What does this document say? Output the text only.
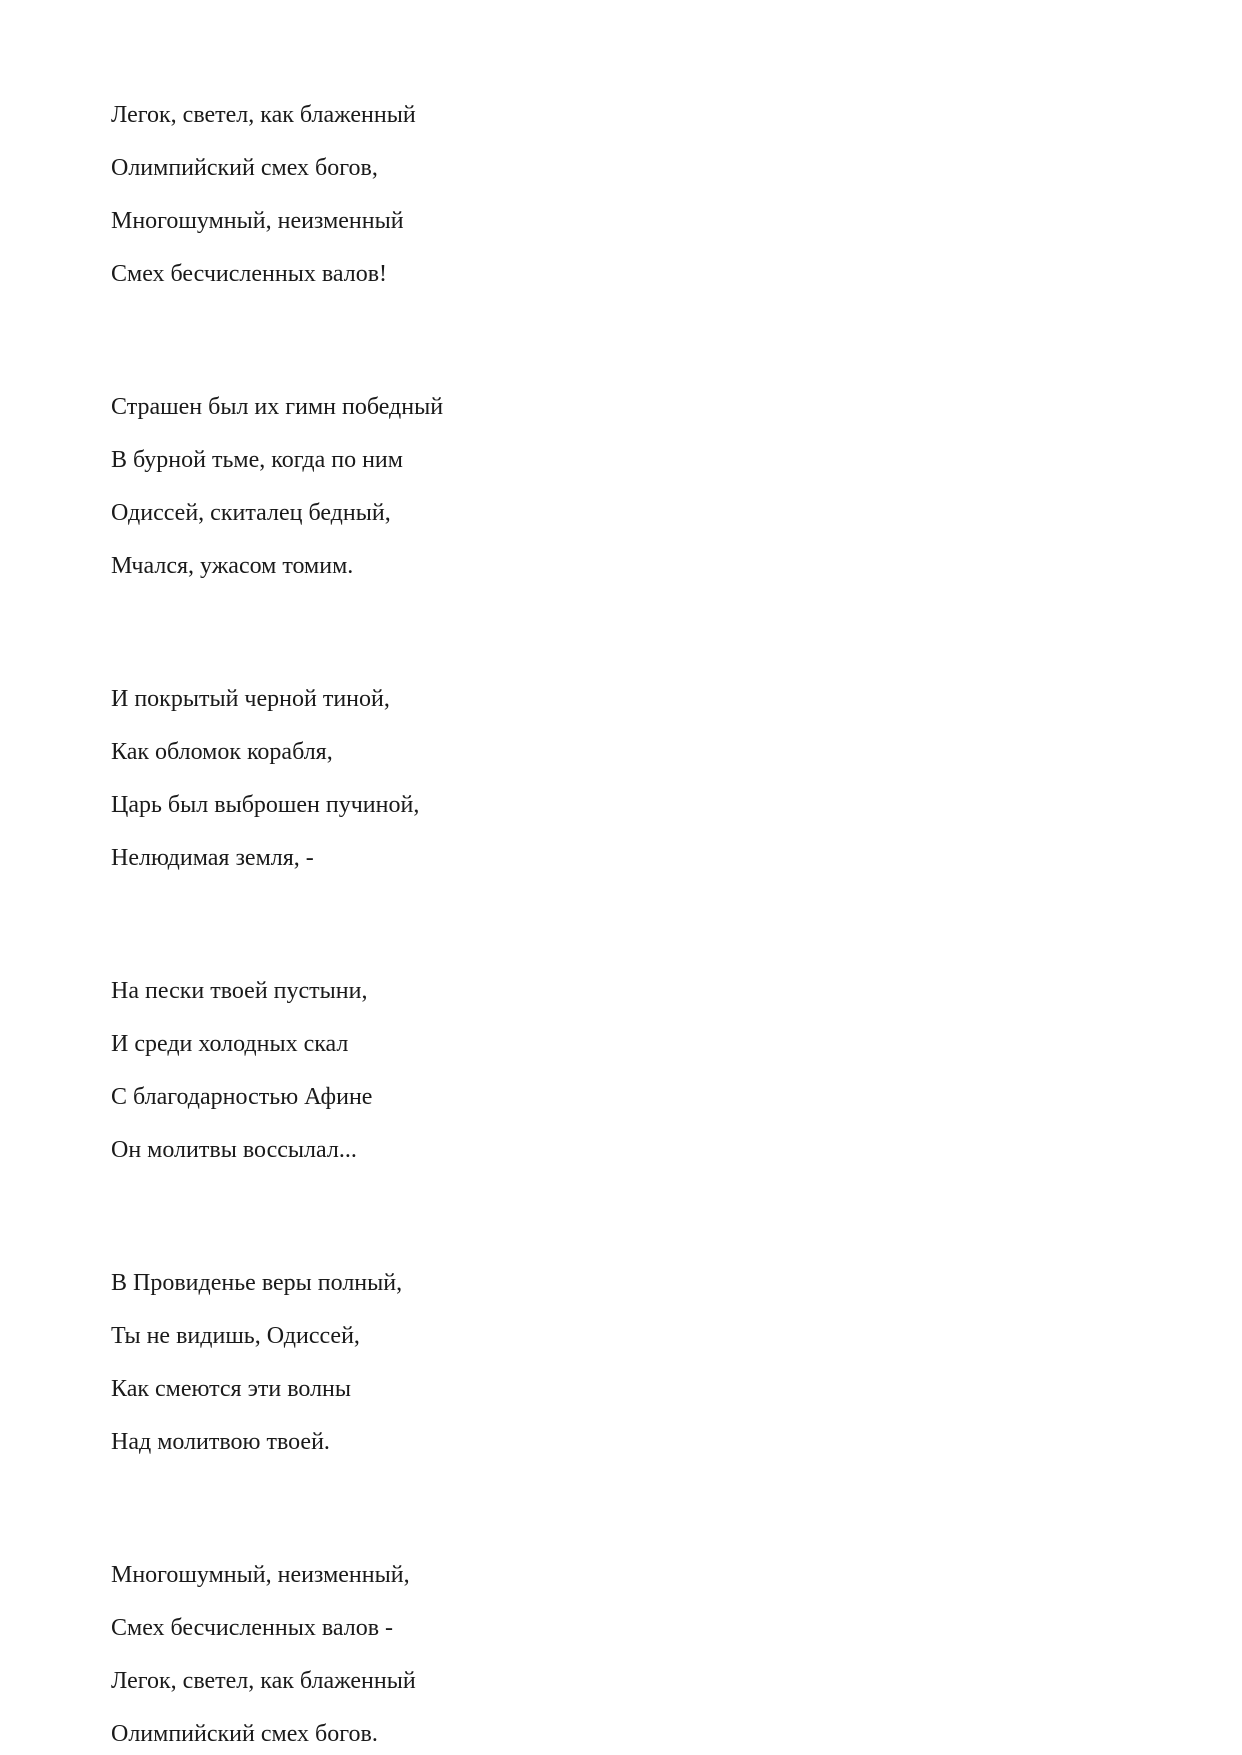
Легок, светел, как блаженный
Олимпийский смех богов,
Многошумный, неизменный
Смех бесчисленных валов!
Страшен был их гимн победный
В бурной тьме, когда по ним
Одиссей, скиталец бедный,
Мчался, ужасом томим.
И покрытый черной тиной,
Как обломок корабля,
Царь был выброшен пучиной,
Нелюдимая земля, -
На пески твоей пустыни,
И среди холодных скал
С благодарностью Афине
Он молитвы воссылал...
В Провиденье веры полный,
Ты не видишь, Одиссей,
Как смеются эти волны
Над молитвою твоей.
Многошумный, неизменный,
Смех бесчисленных валов -
Легок, светел, как блаженный
Олимпийский смех богов.
